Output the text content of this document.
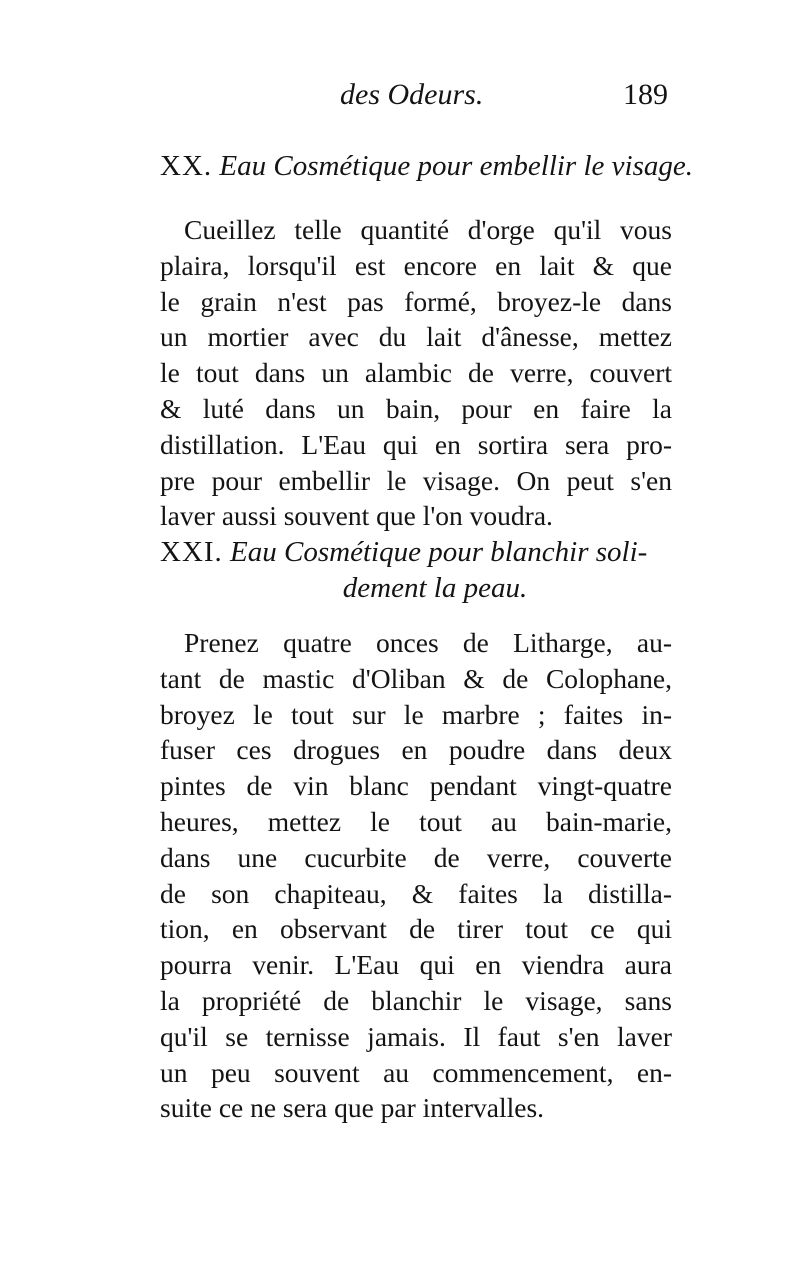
des Odeurs.	189
XX. Eau Cosmétique pour embellir le visage.
Cueillez telle quantité d'orge qu'il vous
plaira, lorsqu'il est encore en lait & que
le grain n'est pas formé, broyez-le dans
un mortier avec du lait d'ânesse, mettez
le tout dans un alambic de verre, couvert
& luté dans un bain, pour en faire la
distillation. L'Eau qui en sortira sera pro-
pre pour embellir le visage. On peut s'en
laver aussi souvent que l'on voudra.
XXI. Eau Cosmétique pour blanchir soli-
dement la peau.
Prenez quatre onces de Litharge, au-
tant de mastic d'Oliban & de Colophane,
broyez le tout sur le marbre ; faites in-
fuser ces drogues en poudre dans deux
pintes de vin blanc pendant vingt-quatre
heures, mettez le tout au bain-marie,
dans une cucurbite de verre, couverte
de son chapiteau, & faites la distilla-
tion, en observant de tirer tout ce qui
pourra venir. L'Eau qui en viendra aura
la propriété de blanchir le visage, sans
qu'il se ternisse jamais. Il faut s'en laver
un peu souvent au commencement, en-
suite ce ne sera que par intervalles.
